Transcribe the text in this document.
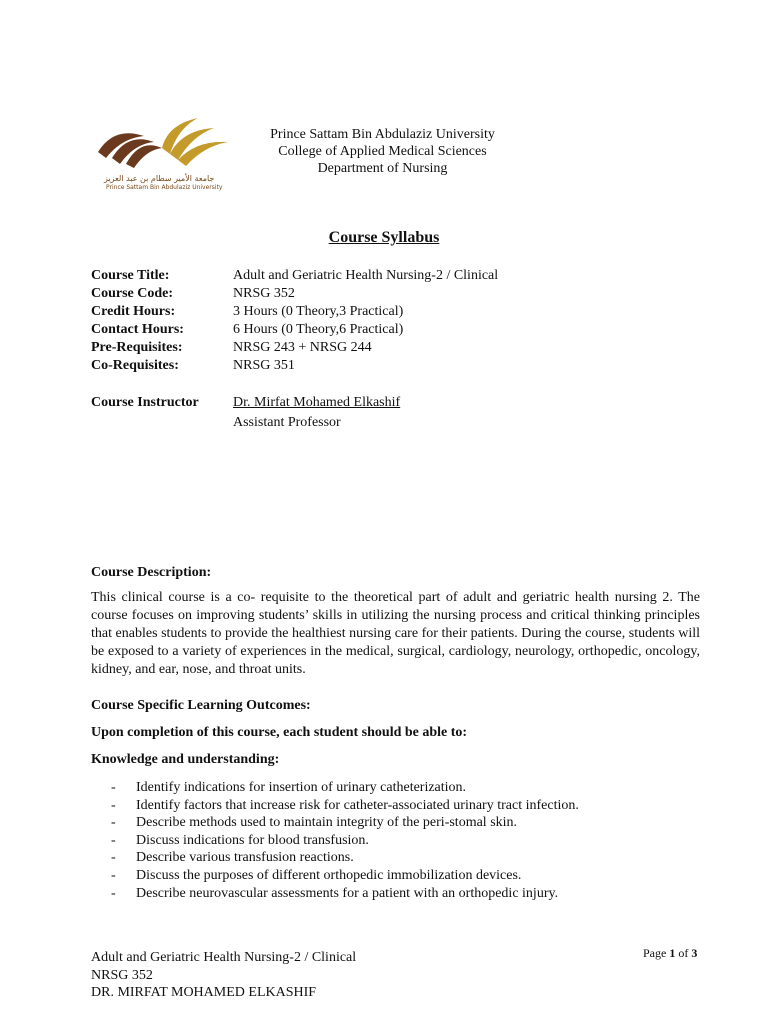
جامعة الأمير سطام بن عبد العزيز
Prince Sattam Bin Abdulaziz University
Prince Sattam Bin Abdulaziz University
College of Applied Medical Sciences
Department of Nursing
Course Syllabus
Course Title:	Adult and Geriatric Health Nursing-2 / Clinical
Course Code:	NRSG 352
Credit Hours:	3 Hours (0 Theory,3 Practical)
Contact Hours:	6 Hours (0 Theory,6 Practical)
Pre-Requisites:	NRSG 243 + NRSG 244
Co-Requisites:	NRSG 351
Course Instructor	Dr. Mirfat Mohamed Elkashif
Assistant Professor
Course Description:
This clinical course is a co- requisite to the theoretical part of adult and geriatric health nursing 2. The course focuses on improving students’ skills in utilizing the nursing process and critical thinking principles that enables students to provide the healthiest nursing care for their patients. During the course, students will be exposed to a variety of experiences in the medical, surgical, cardiology, neurology, orthopedic, oncology, kidney, and ear, nose, and throat units.
Course Specific Learning Outcomes:
Upon completion of this course, each student should be able to:
Knowledge and understanding:
-	Identify indications for insertion of urinary catheterization.
-	Identify factors that increase risk for catheter-associated urinary tract infection.
-	Describe methods used to maintain integrity of the peri-stomal skin.
-	Discuss indications for blood transfusion.
-	Describe various transfusion reactions.
-	Discuss the purposes of different orthopedic immobilization devices.
-	Describe neurovascular assessments for a patient with an orthopedic injury.
Adult and Geriatric Health Nursing-2 / Clinical
NRSG 352
DR. MIRFAT MOHAMED ELKASHIF
Page 1 of 3
